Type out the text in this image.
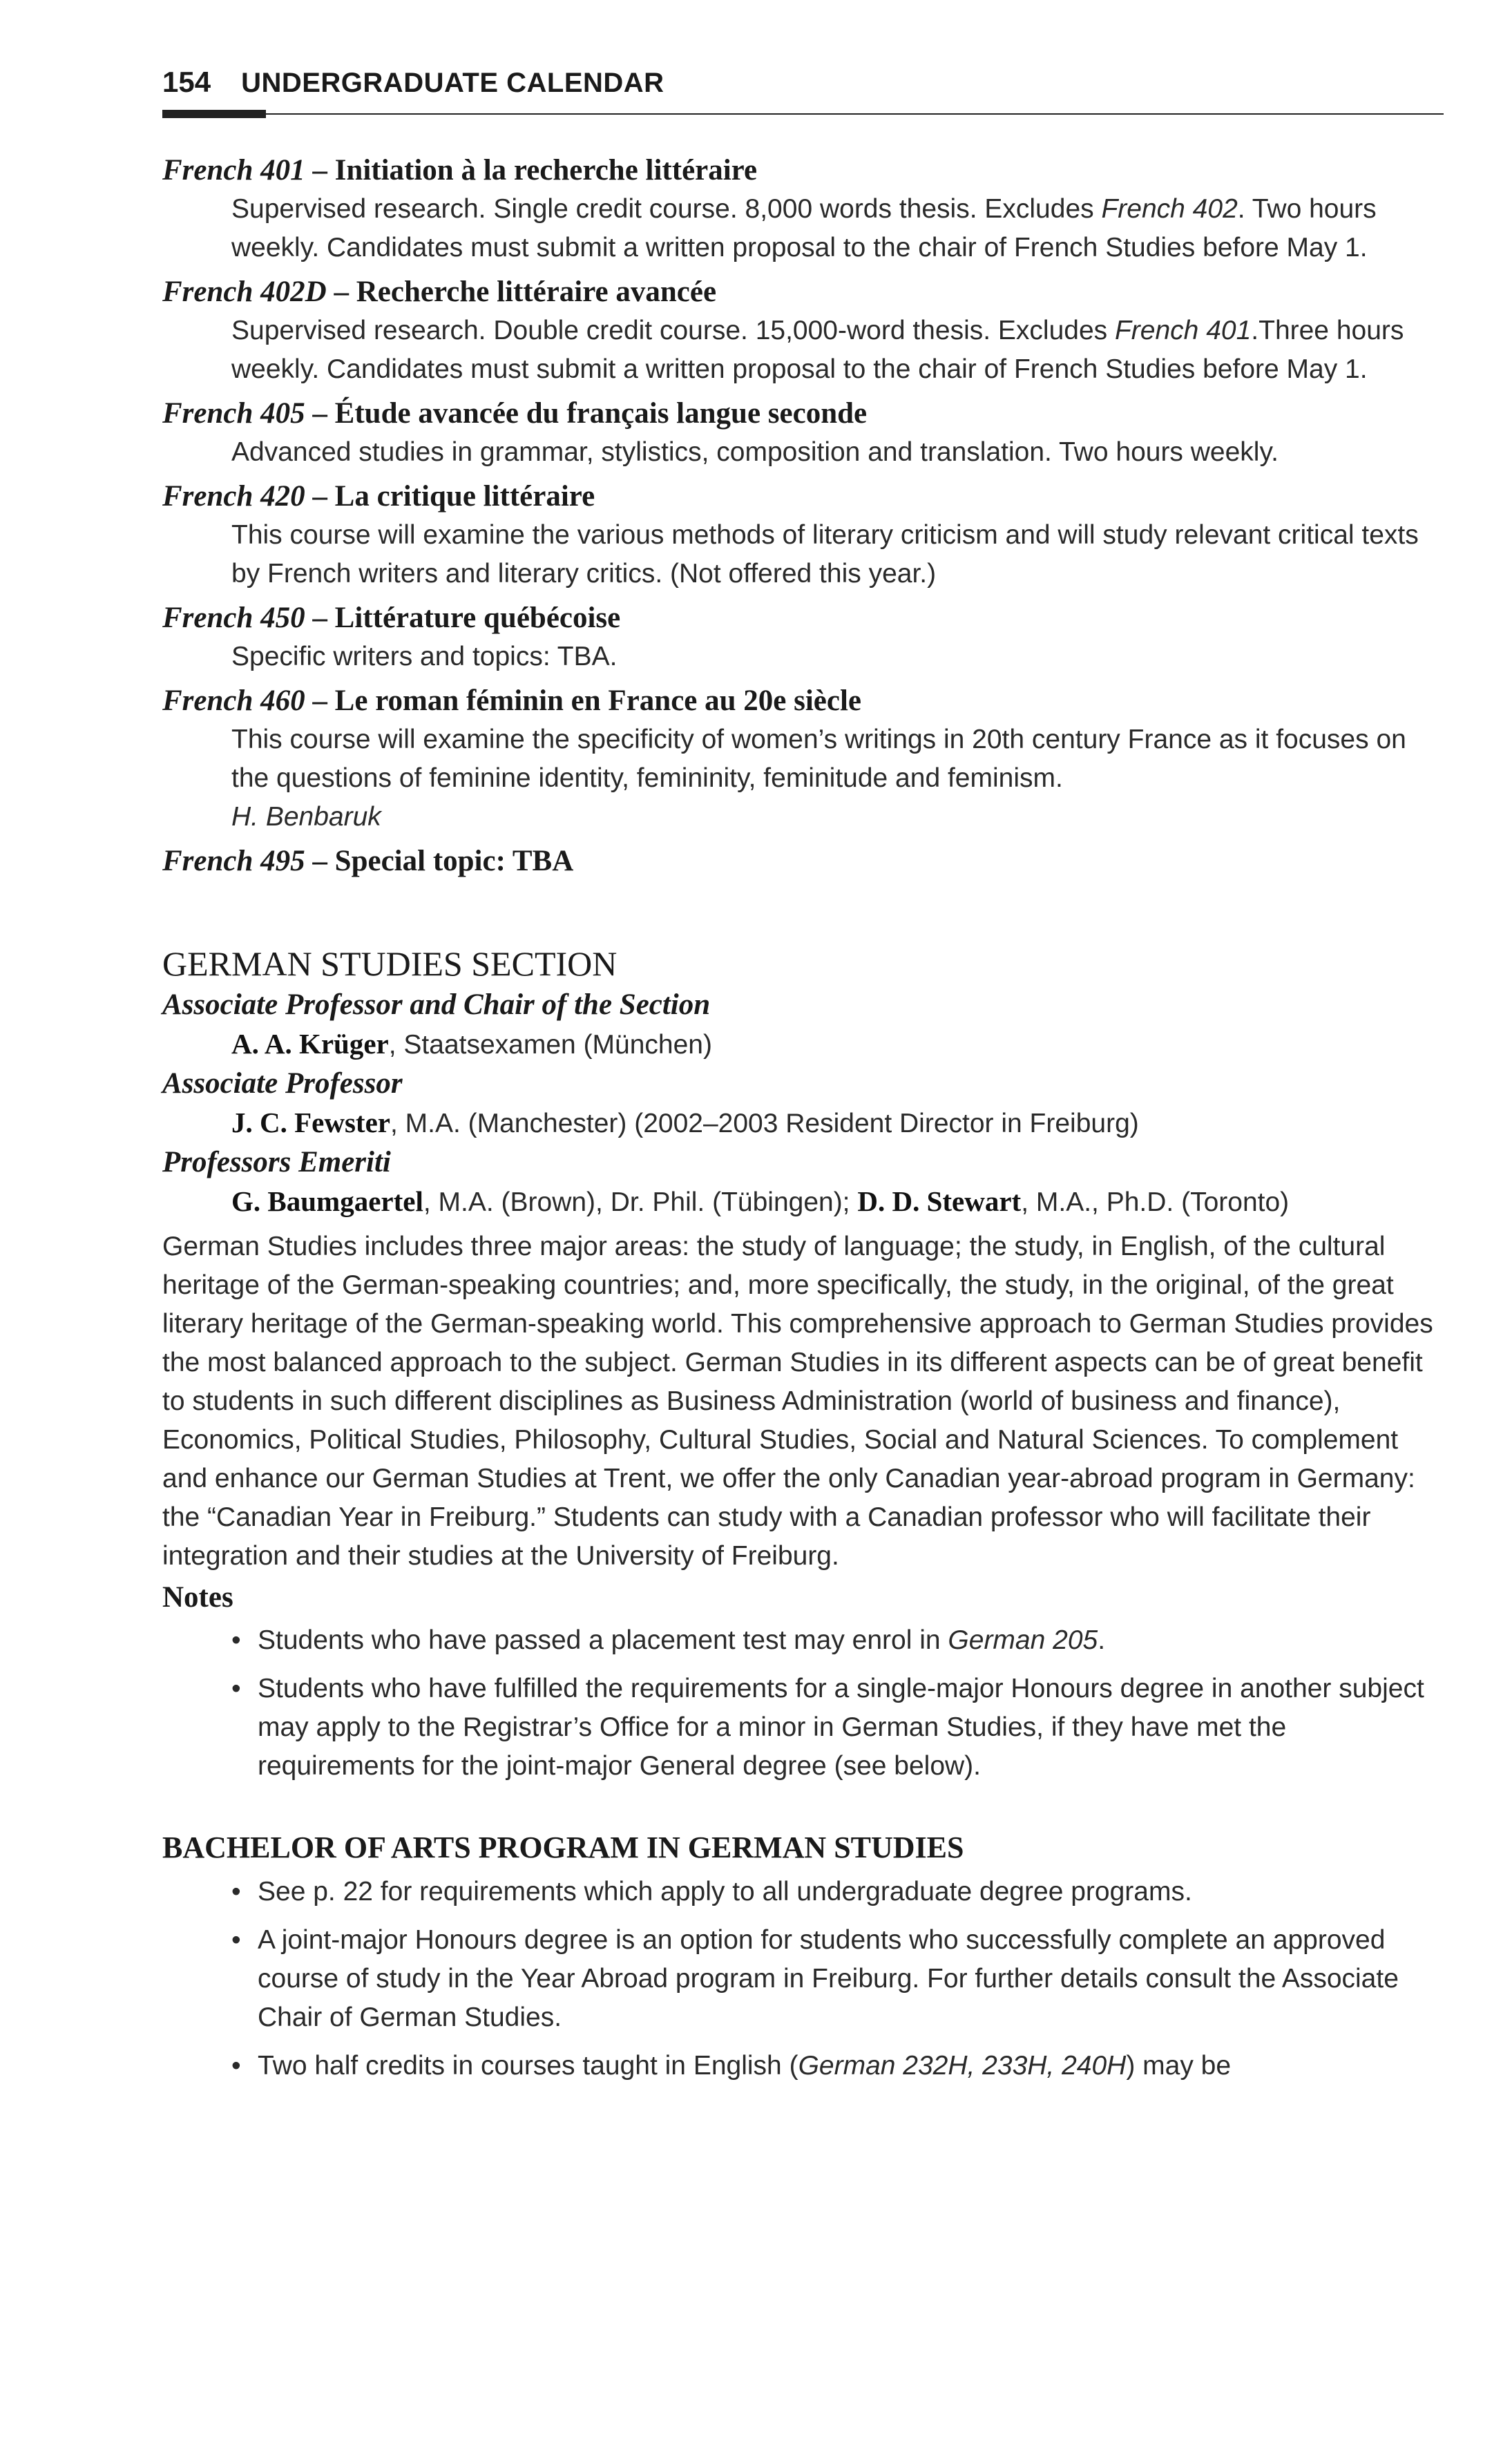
154 UNDERGRADUATE CALENDAR
French 401 – Initiation à la recherche littéraire
Supervised research. Single credit course. 8,000 words thesis. Excludes French 402. Two hours weekly. Candidates must submit a written proposal to the chair of French Studies before May 1.
French 402D – Recherche littéraire avancée
Supervised research. Double credit course. 15,000-word thesis. Excludes French 401.Three hours weekly. Candidates must submit a written proposal to the chair of French Studies before May 1.
French 405 – Étude avancée du français langue seconde
Advanced studies in grammar, stylistics, composition and translation. Two hours weekly.
French 420 – La critique littéraire
This course will examine the various methods of literary criticism and will study relevant critical texts by French writers and literary critics. (Not offered this year.)
French 450 – Littérature québécoise
Specific writers and topics: TBA.
French 460 – Le roman féminin en France au 20e siècle
This course will examine the specificity of women’s writings in 20th century France as it focuses on the questions of feminine identity, femininity, feminitude and feminism.
H. Benbaruk
French 495 – Special topic: TBA
GERMAN STUDIES SECTION
Associate Professor and Chair of the Section
A. A. Krüger, Staatsexamen (München)
Associate Professor
J. C. Fewster, M.A. (Manchester) (2002–2003 Resident Director in Freiburg)
Professors Emeriti
G. Baumgaertel, M.A. (Brown), Dr. Phil. (Tübingen); D. D. Stewart, M.A., Ph.D. (Toronto)
German Studies includes three major areas: the study of language; the study, in English, of the cultural heritage of the German-speaking countries; and, more specifically, the study, in the original, of the great literary heritage of the German-speaking world. This comprehensive approach to German Studies provides the most balanced approach to the subject. German Studies in its different aspects can be of great benefit to students in such different disciplines as Business Administration (world of business and finance), Economics, Political Studies, Philosophy, Cultural Studies, Social and Natural Sciences. To complement and enhance our German Studies at Trent, we offer the only Canadian year-abroad program in Germany: the “Canadian Year in Freiburg.” Students can study with a Canadian professor who will facilitate their integration and their studies at the University of Freiburg.
Notes
• Students who have passed a placement test may enrol in German 205.
• Students who have fulfilled the requirements for a single-major Honours degree in another subject may apply to the Registrar’s Office for a minor in German Studies, if they have met the requirements for the joint-major General degree (see below).
BACHELOR OF ARTS PROGRAM IN GERMAN STUDIES
• See p. 22 for requirements which apply to all undergraduate degree programs.
• A joint-major Honours degree is an option for students who successfully complete an approved course of study in the Year Abroad program in Freiburg. For further details consult the Associate Chair of German Studies.
• Two half credits in courses taught in English (German 232H, 233H, 240H) may be
